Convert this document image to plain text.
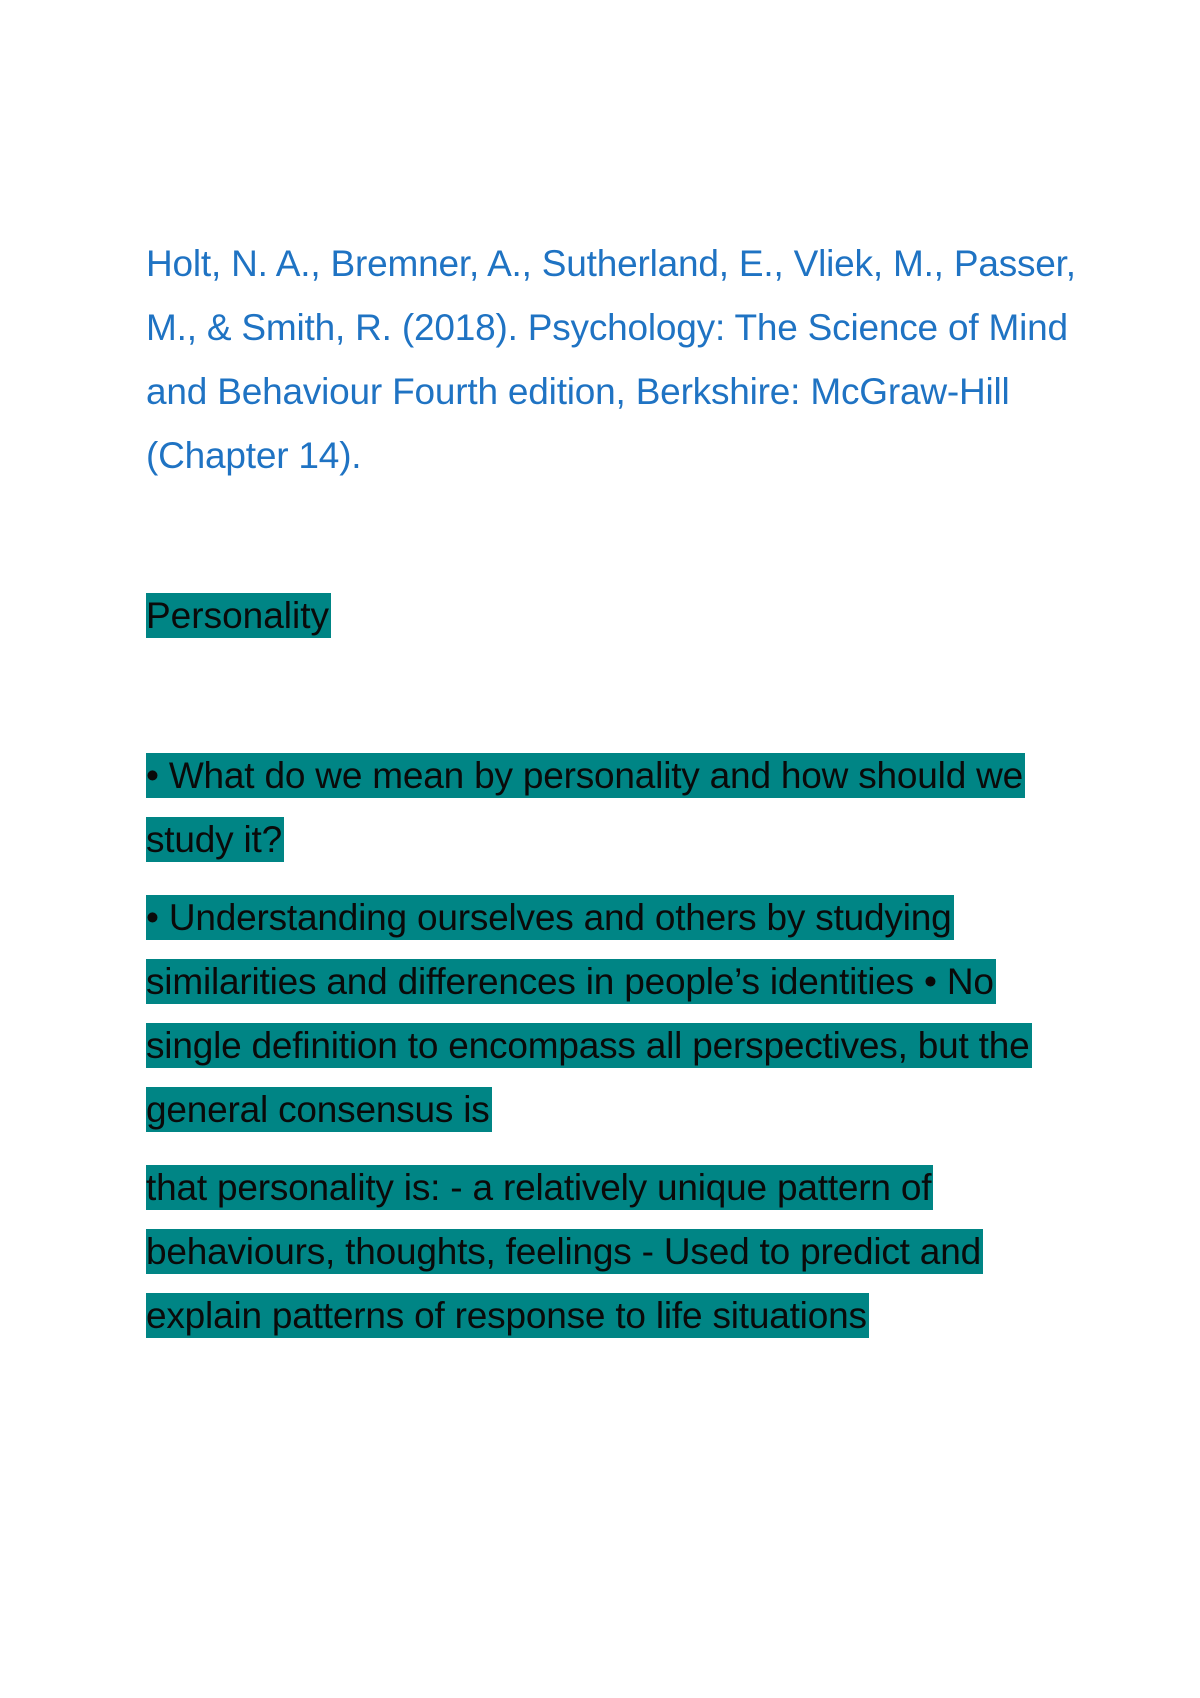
Holt, N. A., Bremner, A., Sutherland, E., Vliek, M., Passer, M., & Smith, R. (2018). Psychology: The Science of Mind and Behaviour Fourth edition, Berkshire: McGraw-Hill (Chapter 14).

Personality

• What do we mean by personality and how should we study it?

• Understanding ourselves and others by studying similarities and differences in people’s identities • No single definition to encompass all perspectives, but the general consensus is

that personality is: - a relatively unique pattern of behaviours, thoughts, feelings - Used to predict and explain patterns of response to life situations
